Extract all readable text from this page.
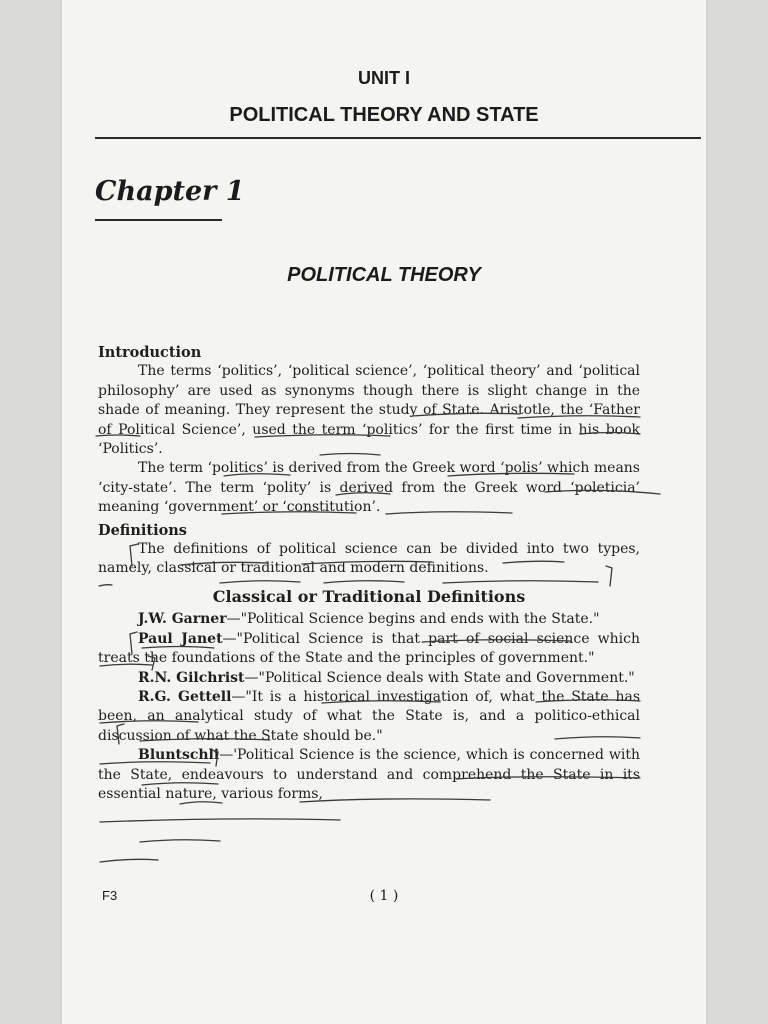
UNIT I
POLITICAL THEORY AND STATE
Chapter 1
POLITICAL THEORY

Introduction

The terms ‘politics’, ‘political science’, ‘political theory’ and ‘political philosophy’ are used as synonyms though there is slight change in the shade of meaning. They represent the study of State. Aristotle, the ‘Father of Political Science’, used the term ‘politics’ for the first time in his book ‘Politics’.

The term ‘politics’ is derived from the Greek word ‘polis’ which means ‘city-state’. The term ‘polity’ is derived from the Greek word ‘poleticia’ meaning ‘government’ or ‘constitution’.

Definitions

The definitions of political science can be divided into two types, namely, classical or traditional and modern definitions.

Classical or Traditional Definitions

J.W. Garner—"Political Science begins and ends with the State."

Paul Janet—"Political Science is that part of social science which treats the foundations of the State and the principles of government."

R.N. Gilchrist—"Political Science deals with State and Government."

R.G. Gettell—"It is a historical investigation of, what the State has been, an analytical study of what the State is, and a politico-ethical discussion of what the State should be."

Bluntschli—'Political Science is the science, which is concerned with the State, endeavours to understand and comprehend the State in its essential nature, various forms,

F3	( 1 )
